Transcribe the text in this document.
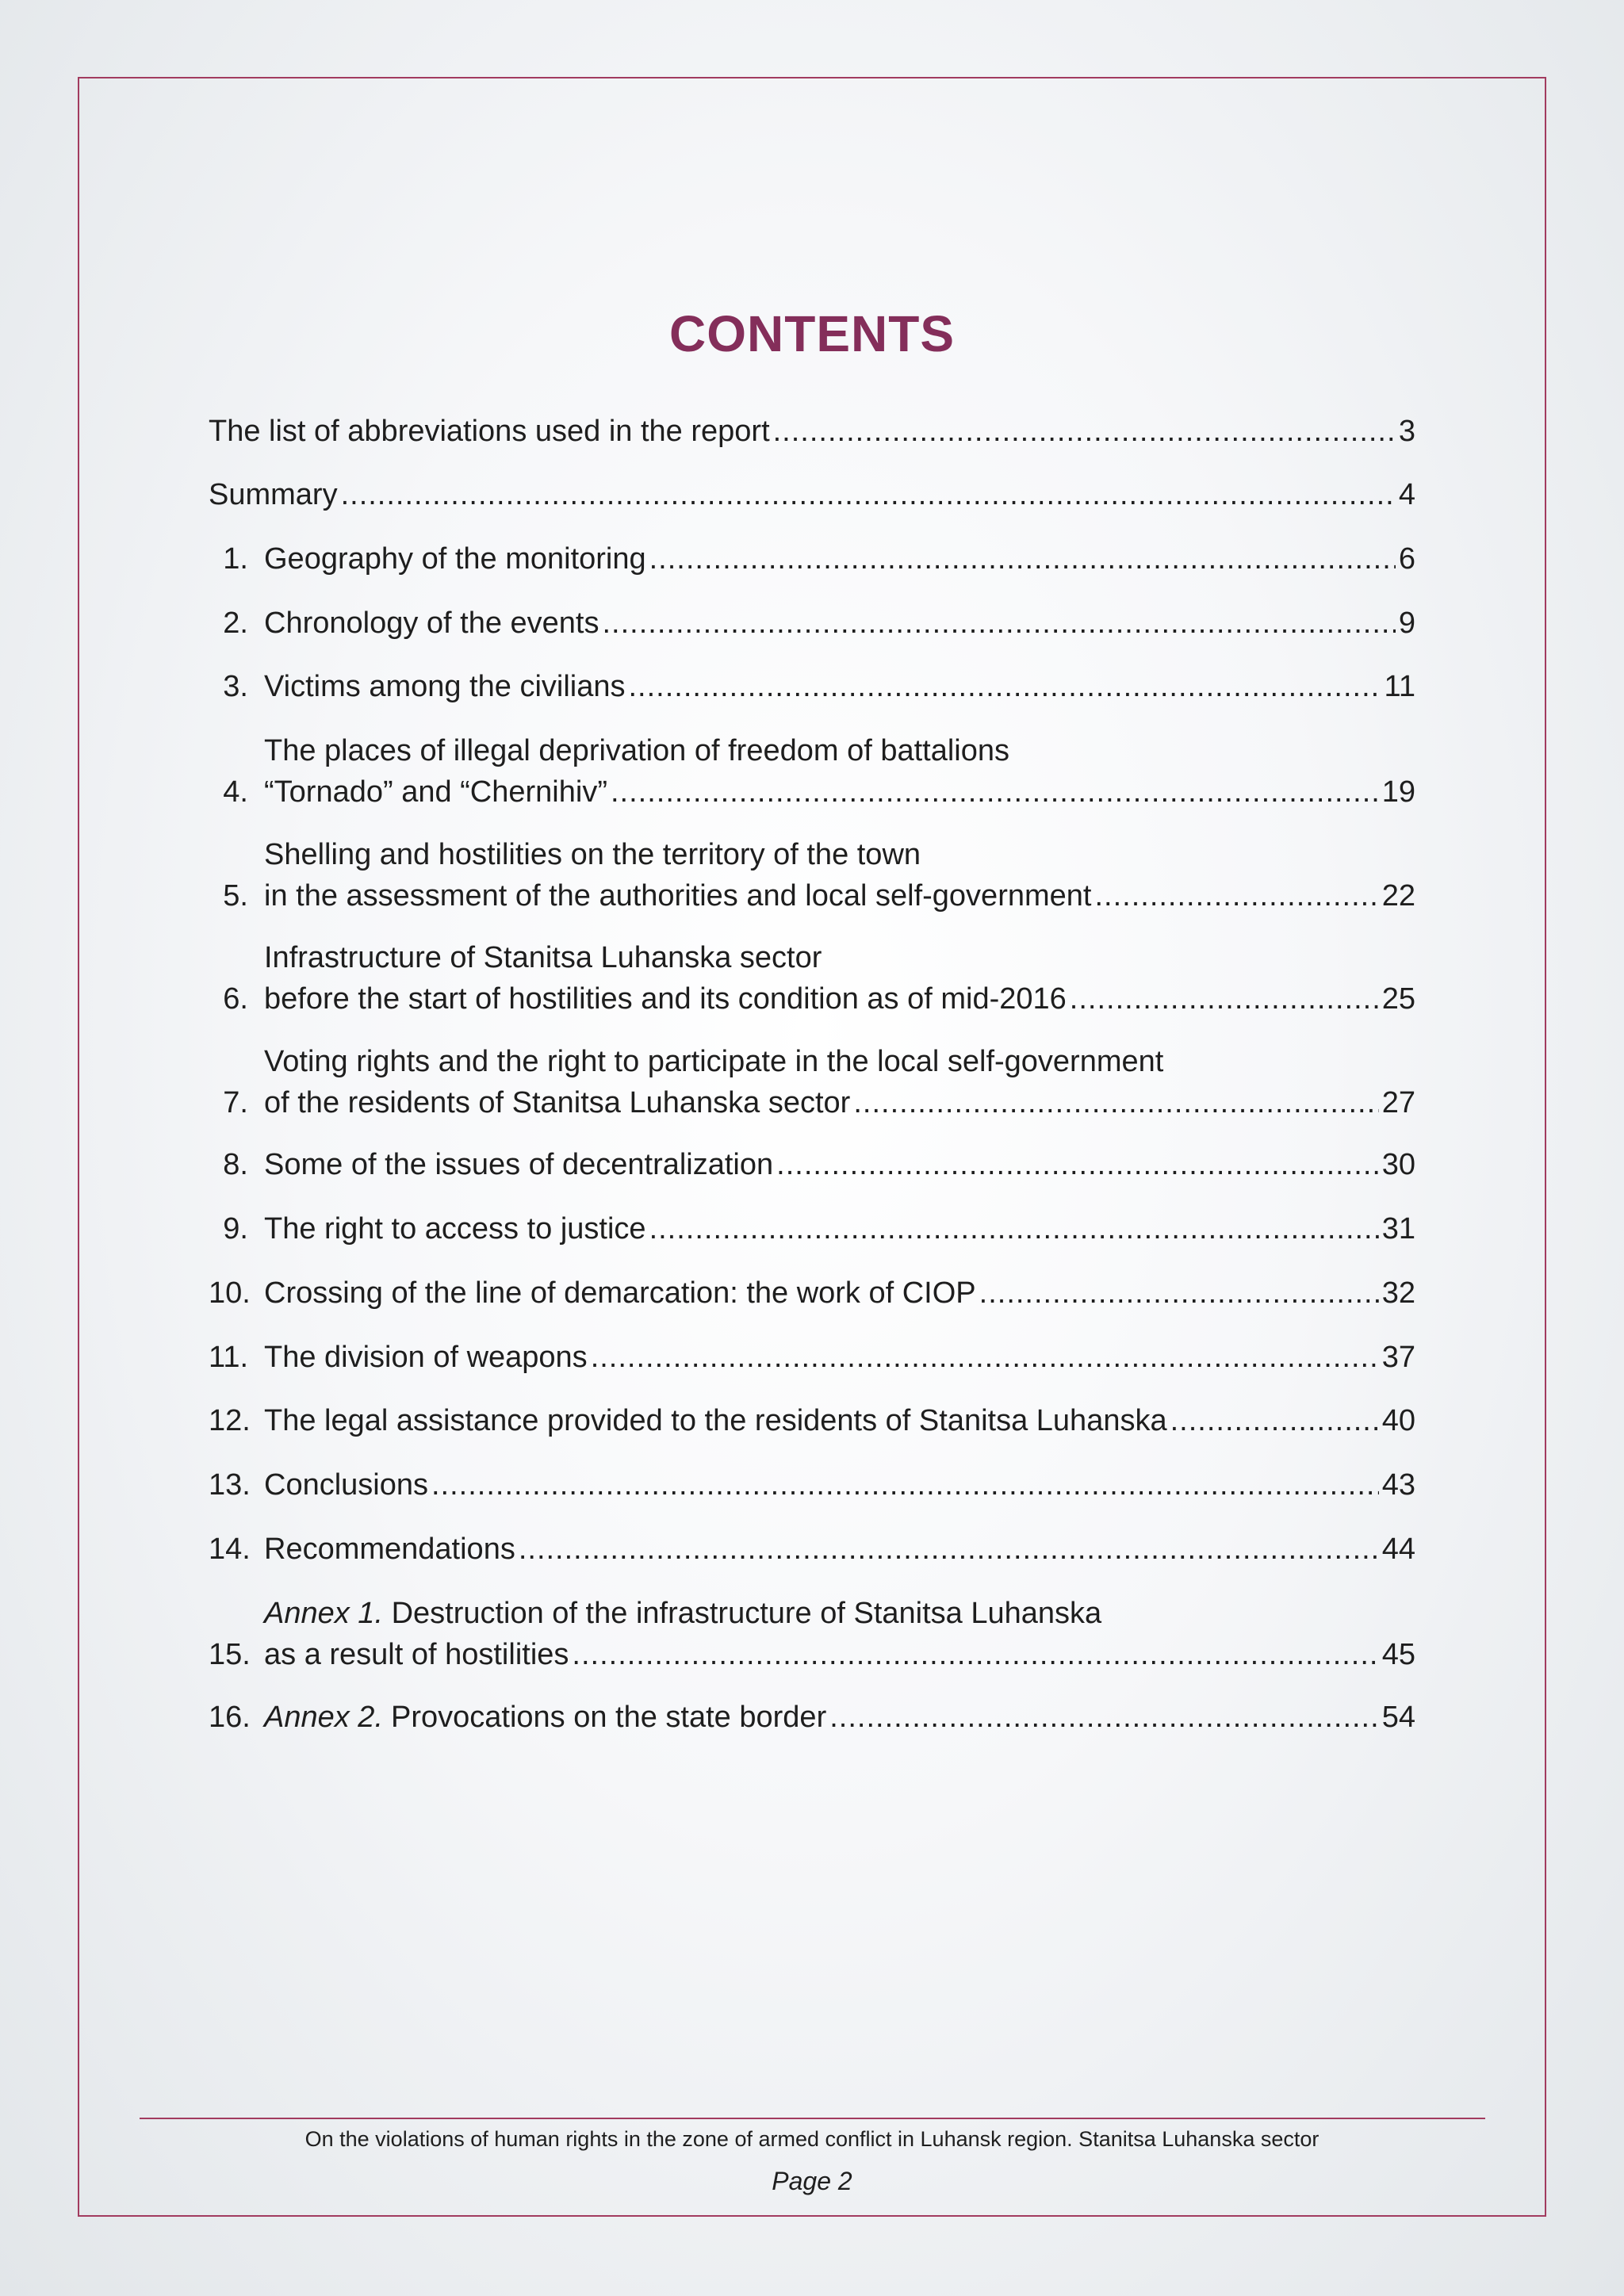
CONTENTS
The list of abbreviations used in the report .....	3
Summary .....	4
1. Geography of the monitoring .....	6
2. Chronology of the events .....	9
3. Victims among the civilians .....	11
4.
The places of illegal deprivation of freedom of battalions
“Tornado” and “Chernihiv” .....	19
5.
Shelling and hostilities on the territory of the town
in the assessment of the authorities and local self-government .....	22
6.
Infrastructure of Stanitsa Luhanska sector
before the start of hostilities and its condition as of mid-2016 .....	25
7.
Voting rights and the right to participate in the local self-government
of the residents of Stanitsa Luhanska sector .....	27
8. Some of the issues of decentralization .....	30
9. The right to access to justice .....	31
10. Crossing of the line of demarcation: the work of CIOP .....	32
11. The division of weapons .....	37
12. The legal assistance provided to the residents of Stanitsa Luhanska .....	40
13. Conclusions .....	43
14. Recommendations .....	44
15.
Annex 1. Destruction of the infrastructure of Stanitsa Luhanska
as a result of hostilities .....	45
16. Annex 2. Provocations on the state border .....	54
On the violations of human rights in the zone of armed conflict in Luhansk region. Stanitsa Luhanska sector
Page 2
